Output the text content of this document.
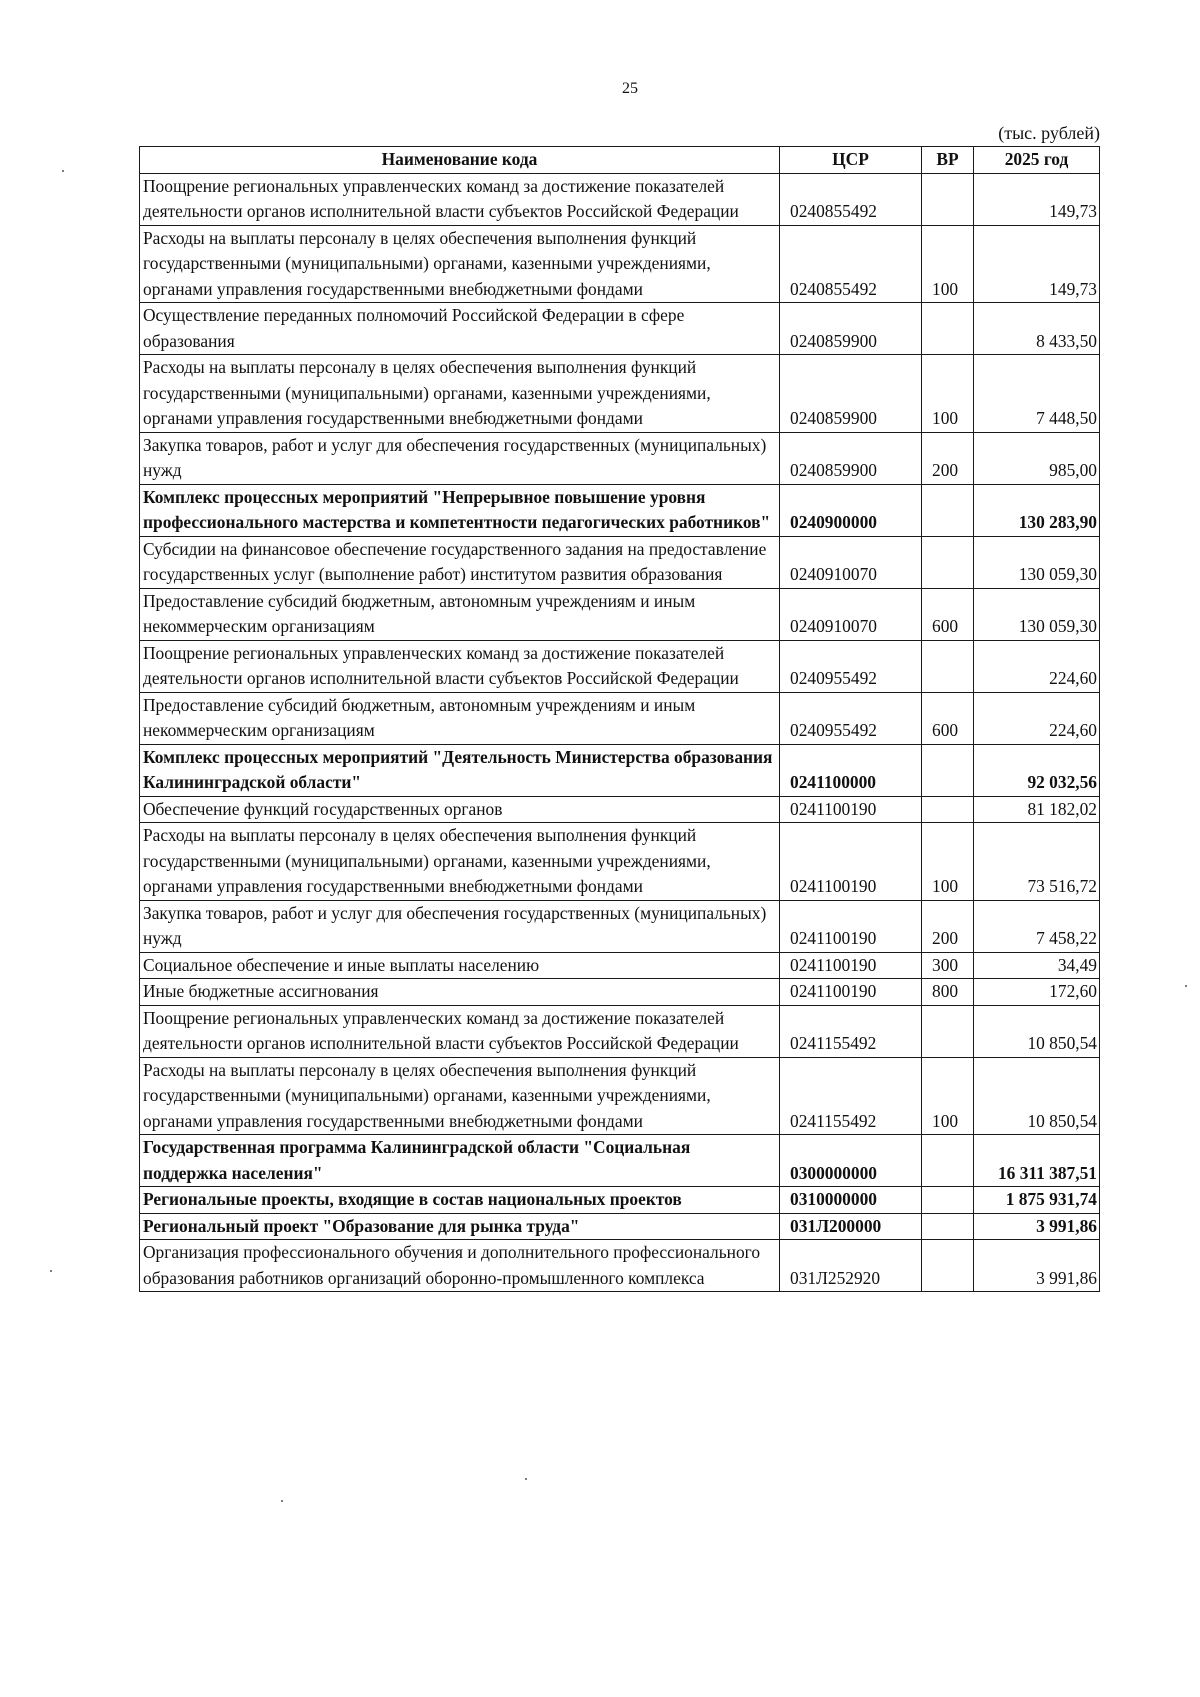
25
(тыс. рублей)
Наименование кода	ЦСР	ВР	2025 год
Поощрение региональных управленческих команд за достижение показателей деятельности органов исполнительной власти субъектов Российской Федерации	0240855492		149,73
Расходы на выплаты персоналу в целях обеспечения выполнения функций государственными (муниципальными) органами, казенными учреждениями, органами управления государственными внебюджетными фондами	0240855492	100	149,73
Осуществление переданных полномочий Российской Федерации в сфере образования	0240859900		8 433,50
Расходы на выплаты персоналу в целях обеспечения выполнения функций государственными (муниципальными) органами, казенными учреждениями, органами управления государственными внебюджетными фондами	0240859900	100	7 448,50
Закупка товаров, работ и услуг для обеспечения государственных (муниципальных) нужд	0240859900	200	985,00
Комплекс процессных мероприятий "Непрерывное повышение уровня профессионального мастерства и компетентности педагогических работников"	0240900000		130 283,90
Субсидии на финансовое обеспечение государственного задания на предоставление государственных услуг (выполнение работ) институтом развития образования	0240910070		130 059,30
Предоставление субсидий бюджетным, автономным учреждениям и иным некоммерческим организациям	0240910070	600	130 059,30
Поощрение региональных управленческих команд за достижение показателей деятельности органов исполнительной власти субъектов Российской Федерации	0240955492		224,60
Предоставление субсидий бюджетным, автономным учреждениям и иным некоммерческим организациям	0240955492	600	224,60
Комплекс процессных мероприятий "Деятельность Министерства образования Калининградской области"	0241100000		92 032,56
Обеспечение функций государственных органов	0241100190		81 182,02
Расходы на выплаты персоналу в целях обеспечения выполнения функций государственными (муниципальными) органами, казенными учреждениями, органами управления государственными внебюджетными фондами	0241100190	100	73 516,72
Закупка товаров, работ и услуг для обеспечения государственных (муниципальных) нужд	0241100190	200	7 458,22
Социальное обеспечение и иные выплаты населению	0241100190	300	34,49
Иные бюджетные ассигнования	0241100190	800	172,60
Поощрение региональных управленческих команд за достижение показателей деятельности органов исполнительной власти субъектов Российской Федерации	0241155492		10 850,54
Расходы на выплаты персоналу в целях обеспечения выполнения функций государственными (муниципальными) органами, казенными учреждениями, органами управления государственными внебюджетными фондами	0241155492	100	10 850,54
Государственная программа Калининградской области "Социальная поддержка населения"	0300000000		16 311 387,51
Региональные проекты, входящие в состав национальных проектов	0310000000		1 875 931,74
Региональный проект "Образование для рынка труда"	031Л200000		3 991,86
Организация профессионального обучения и дополнительного профессионального образования работников организаций оборонно-промышленного комплекса	031Л252920		3 991,86
